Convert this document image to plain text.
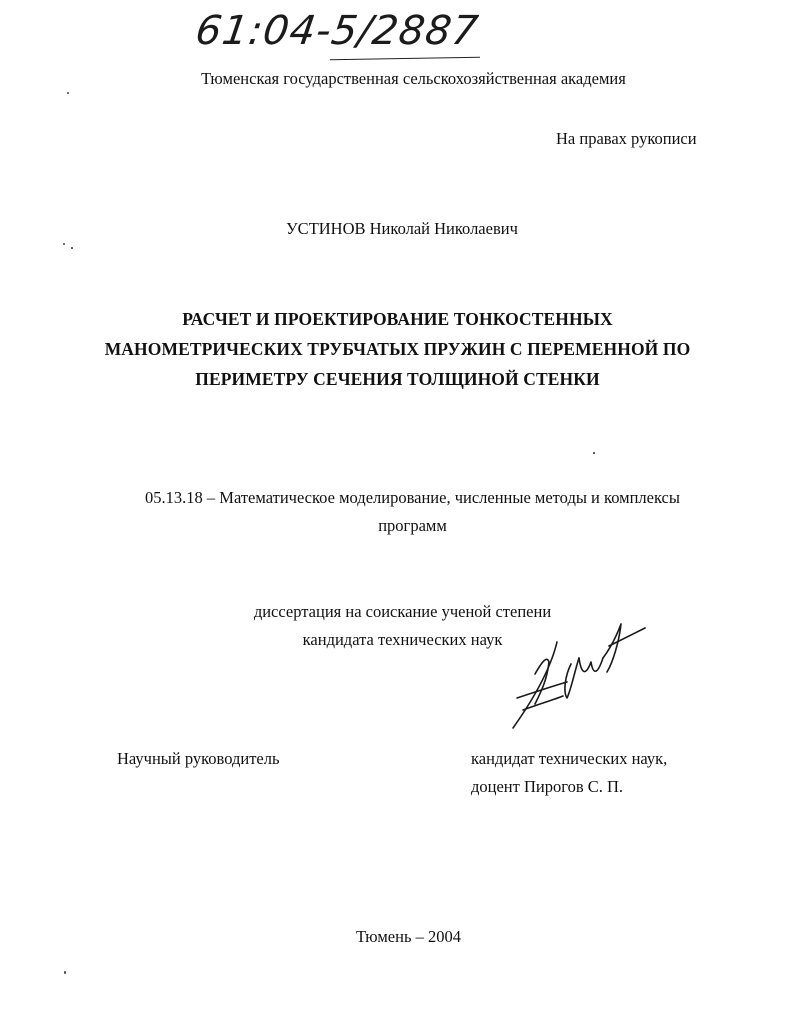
61:04-5/2887
Тюменская государственная сельскохозяйственная академия
На правах рукописи
УСТИНОВ Николай Николаевич
РАСЧЕТ И ПРОЕКТИРОВАНИЕ ТОНКОСТЕННЫХ
МАНОМЕТРИЧЕСКИХ ТРУБЧАТЫХ ПРУЖИН С ПЕРЕМЕННОЙ ПО
ПЕРИМЕТРУ СЕЧЕНИЯ ТОЛЩИНОЙ СТЕНКИ
05.13.18 – Математическое моделирование, численные методы и комплексы программ
диссертация на соискание ученой степени
кандидата технических наук
Научный руководитель	кандидат технических наук,
доцент Пирогов С. П.
Тюмень – 2004
